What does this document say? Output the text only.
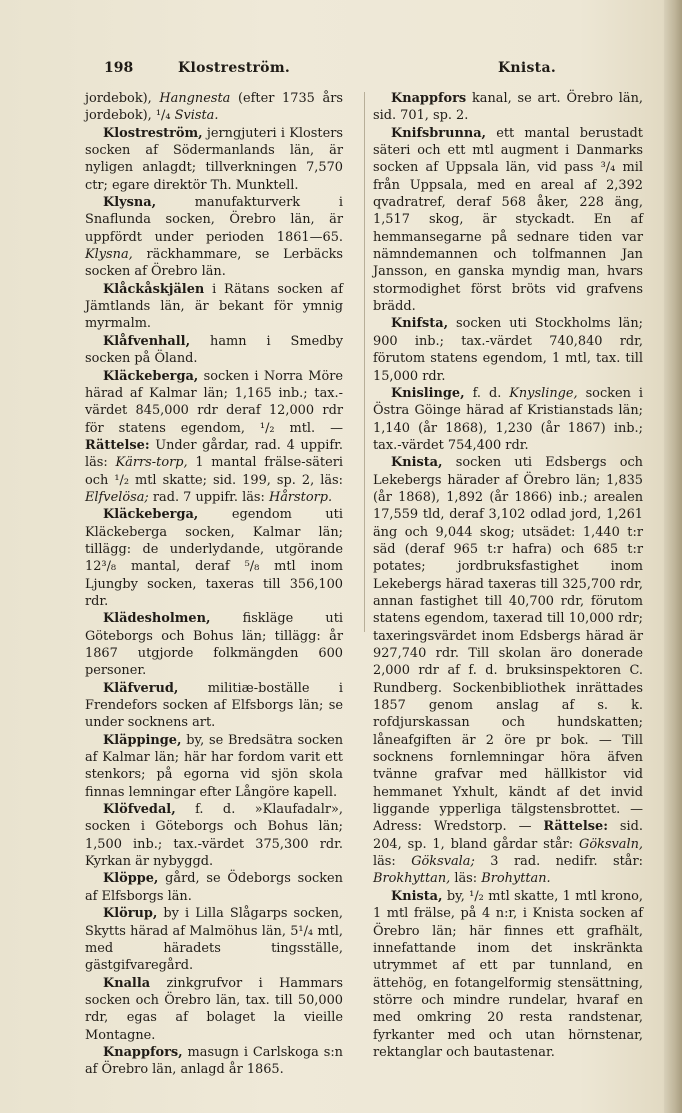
198	Klostreström.	Knista.

jordebok), Hangnesta (efter 1735 års jordebok), ¹/₄ Svista.

Klostreström, jerngjuteri i Klosters socken af Södermanlands län, är nyligen anlagdt; tillverkningen 7,570 ctr; egare direktör Th. Munktell.

Klysna, manufakturverk i Snaflunda socken, Örebro län, är uppfördt under perioden 1861—65. Klysna, räckhammare, se Lerbäcks socken af Örebro län.

Klåckåskjälen i Rätans socken af Jämtlands län, är bekant för ymnig myrmalm.

Klåfvenhall, hamn i Smedby socken på Öland.

Kläckeberga, socken i Norra Möre härad af Kalmar län; 1,165 inb.; tax.-värdet 845,000 rdr deraf 12,000 rdr för statens egendom, ¹/₂ mtl. — Rättelse: Under gårdar, rad. 4 uppifr. läs: Kärrs-torp, 1 mantal frälse-säteri och ¹/₂ mtl skatte; sid. 199, sp. 2, läs: Elfvelösa; rad. 7 uppifr. läs: Hårstorp.

Kläckeberga, egendom uti Kläckeberga socken, Kalmar län; tillägg: de underlydande, utgörande 12³/₈ mantal, deraf ⁵/₈ mtl inom Ljungby socken, taxeras till 356,100 rdr.

Klädesholmen, fiskläge uti Göteborgs och Bohus län; tillägg: år 1867 utgjorde folkmängden 600 personer.

Kläfverud, militiæ-boställe i Frendefors socken af Elfsborgs län; se under socknens art.

Kläppinge, by, se Bredsätra socken af Kalmar län; här har fordom varit ett stenkors; på egorna vid sjön skola finnas lemningar efter Långöre kapell.

Klöfvedal, f. d. »Klaufadalr», socken i Göteborgs och Bohus län; 1,500 inb.; tax.-värdet 375,300 rdr. Kyrkan är nybyggd.

Klöppe, gård, se Ödeborgs socken af Elfsborgs län.

Klörup, by i Lilla Slågarps socken, Skytts härad af Malmöhus län, 5¹/₄ mtl, med häradets tingsställe, gästgifvaregård.

Knalla zinkgrufvor i Hammars socken och Örebro län, tax. till 50,000 rdr, egas af bolaget la vieille Montagne.

Knappfors, masugn i Carlskoga s:n af Örebro län, anlagd år 1865.

Knappfors kanal, se art. Örebro län, sid. 701, sp. 2.

Knifsbrunna, ett mantal berustadt säteri och ett mtl augment i Danmarks socken af Uppsala län, vid pass ³/₄ mil från Uppsala, med en areal af 2,392 qvadratref, deraf 568 åker, 228 äng, 1,517 skog, är styckadt. En af hemmansegarne på sednare tiden var nämndemannen och tolfmannen Jan Jansson, en ganska myndig man, hvars stormodighet först bröts vid grafvens brädd.

Knifsta, socken uti Stockholms län; 900 inb.; tax.-värdet 740,840 rdr, förutom statens egendom, 1 mtl, tax. till 15,000 rdr.

Knislinge, f. d. Knyslinge, socken i Östra Göinge härad af Kristianstads län; 1,140 (år 1868), 1,230 (år 1867) inb.; tax.-värdet 754,400 rdr.

Knista, socken uti Edsbergs och Lekebergs härader af Örebro län; 1,835 (år 1868), 1,892 (år 1866) inb.; arealen 17,559 tld, deraf 3,102 odlad jord, 1,261 äng och 9,044 skog; utsädet: 1,440 t:r säd (deraf 965 t:r hafra) och 685 t:r potates; jordbruksfastighet inom Lekebergs härad taxeras till 325,700 rdr, annan fastighet till 40,700 rdr, förutom statens egendom, taxerad till 10,000 rdr; taxeringsvärdet inom Edsbergs härad är 927,740 rdr. Till skolan äro donerade 2,000 rdr af f. d. bruksinspektoren C. Rundberg. Sockenbibliothek inrättades 1857 genom anslag af s. k. rofdjurskassan och hundskatten; låneafgiften är 2 öre pr bok. — Till socknens fornlemningar höra äfven tvänne grafvar med hällkistor vid hemmanet Yxhult, kändt af det invid liggande ypperliga tälgstensbrottet. — Adress: Wredstorp. — Rättelse: sid. 204, sp. 1, bland gårdar står: Göksvaln, läs: Göksvala; 3 rad. nedifr. står: Brokhyttan, läs: Brohyttan.

Knista, by, ¹/₂ mtl skatte, 1 mtl krono, 1 mtl frälse, på 4 n:r, i Knista socken af Örebro län; här finnes ett grafhält, innefattande inom det inskränkta utrymmet af ett par tunnland, en ättehög, en fotangelformig stensättning, större och mindre rundelar, hvaraf en med omkring 20 resta randstenar, fyrkanter med och utan hörnstenar, rektanglar och bautastenar.
